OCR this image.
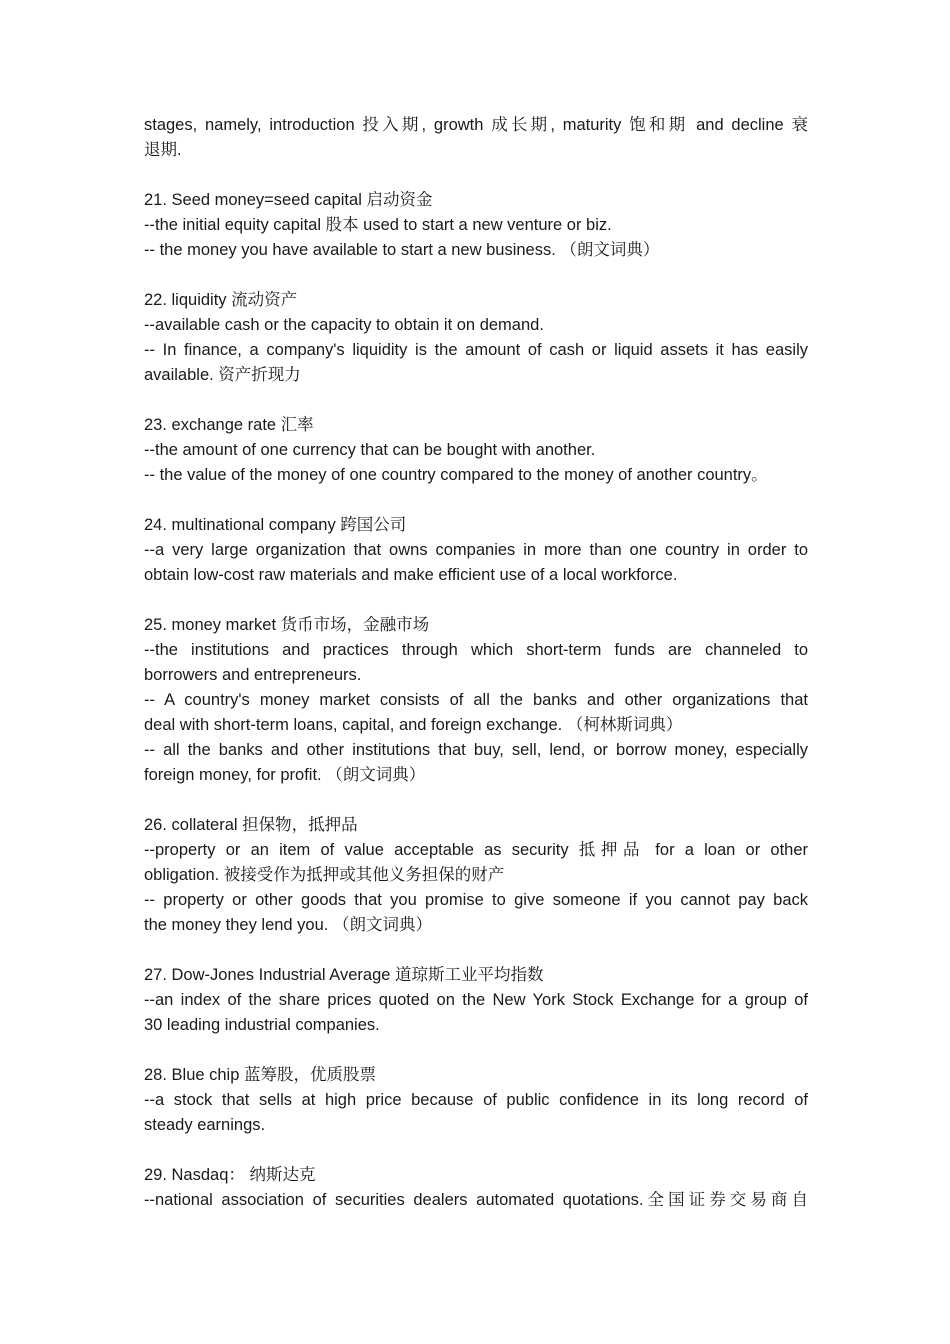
stages, namely, introduction 投入期, growth 成长期, maturity 饱和期 and decline 衰
退期.
21. Seed money=seed capital 启动资金
--the initial equity capital 股本 used to start a new venture or biz.
-- the money you have available to start a new business. （朗文词典）
22. liquidity 流动资产
--available cash or the capacity to obtain it on demand.
-- In finance, a company's liquidity is the amount of cash or liquid assets it has easily
available. 资产折现力
23. exchange rate 汇率
--the amount of one currency that can be bought with another.
-- the value of the money of one country compared to the money of another country。
24. multinational company 跨国公司
--a very large organization that owns companies in more than one country in order to
obtain low-cost raw materials and make efficient use of a local workforce.
25. money market 货币市场，金融市场
--the institutions and practices through which short-term funds are channeled to
borrowers and entrepreneurs.
-- A country's money market consists of all the banks and other organizations that
deal with short-term loans, capital, and foreign exchange. （柯林斯词典）
-- all the banks and other institutions that buy, sell, lend, or borrow money, especially
foreign money, for profit. （朗文词典）
26. collateral 担保物，抵押品
--property or an item of value acceptable as security 抵押品 for a loan or other
obligation. 被接受作为抵押或其他义务担保的财产
-- property or other goods that you promise to give someone if you cannot pay back
the money they lend you. （朗文词典）
27. Dow-Jones Industrial Average 道琼斯工业平均指数
--an index of the share prices quoted on the New York Stock Exchange for a group of
30 leading industrial companies.
28. Blue chip 蓝筹股，优质股票
--a stock that sells at high price because of public confidence in its long record of
steady earnings.
29. Nasdaq： 纳斯达克
--national association of securities dealers automated quotations.全国证券交易商自
